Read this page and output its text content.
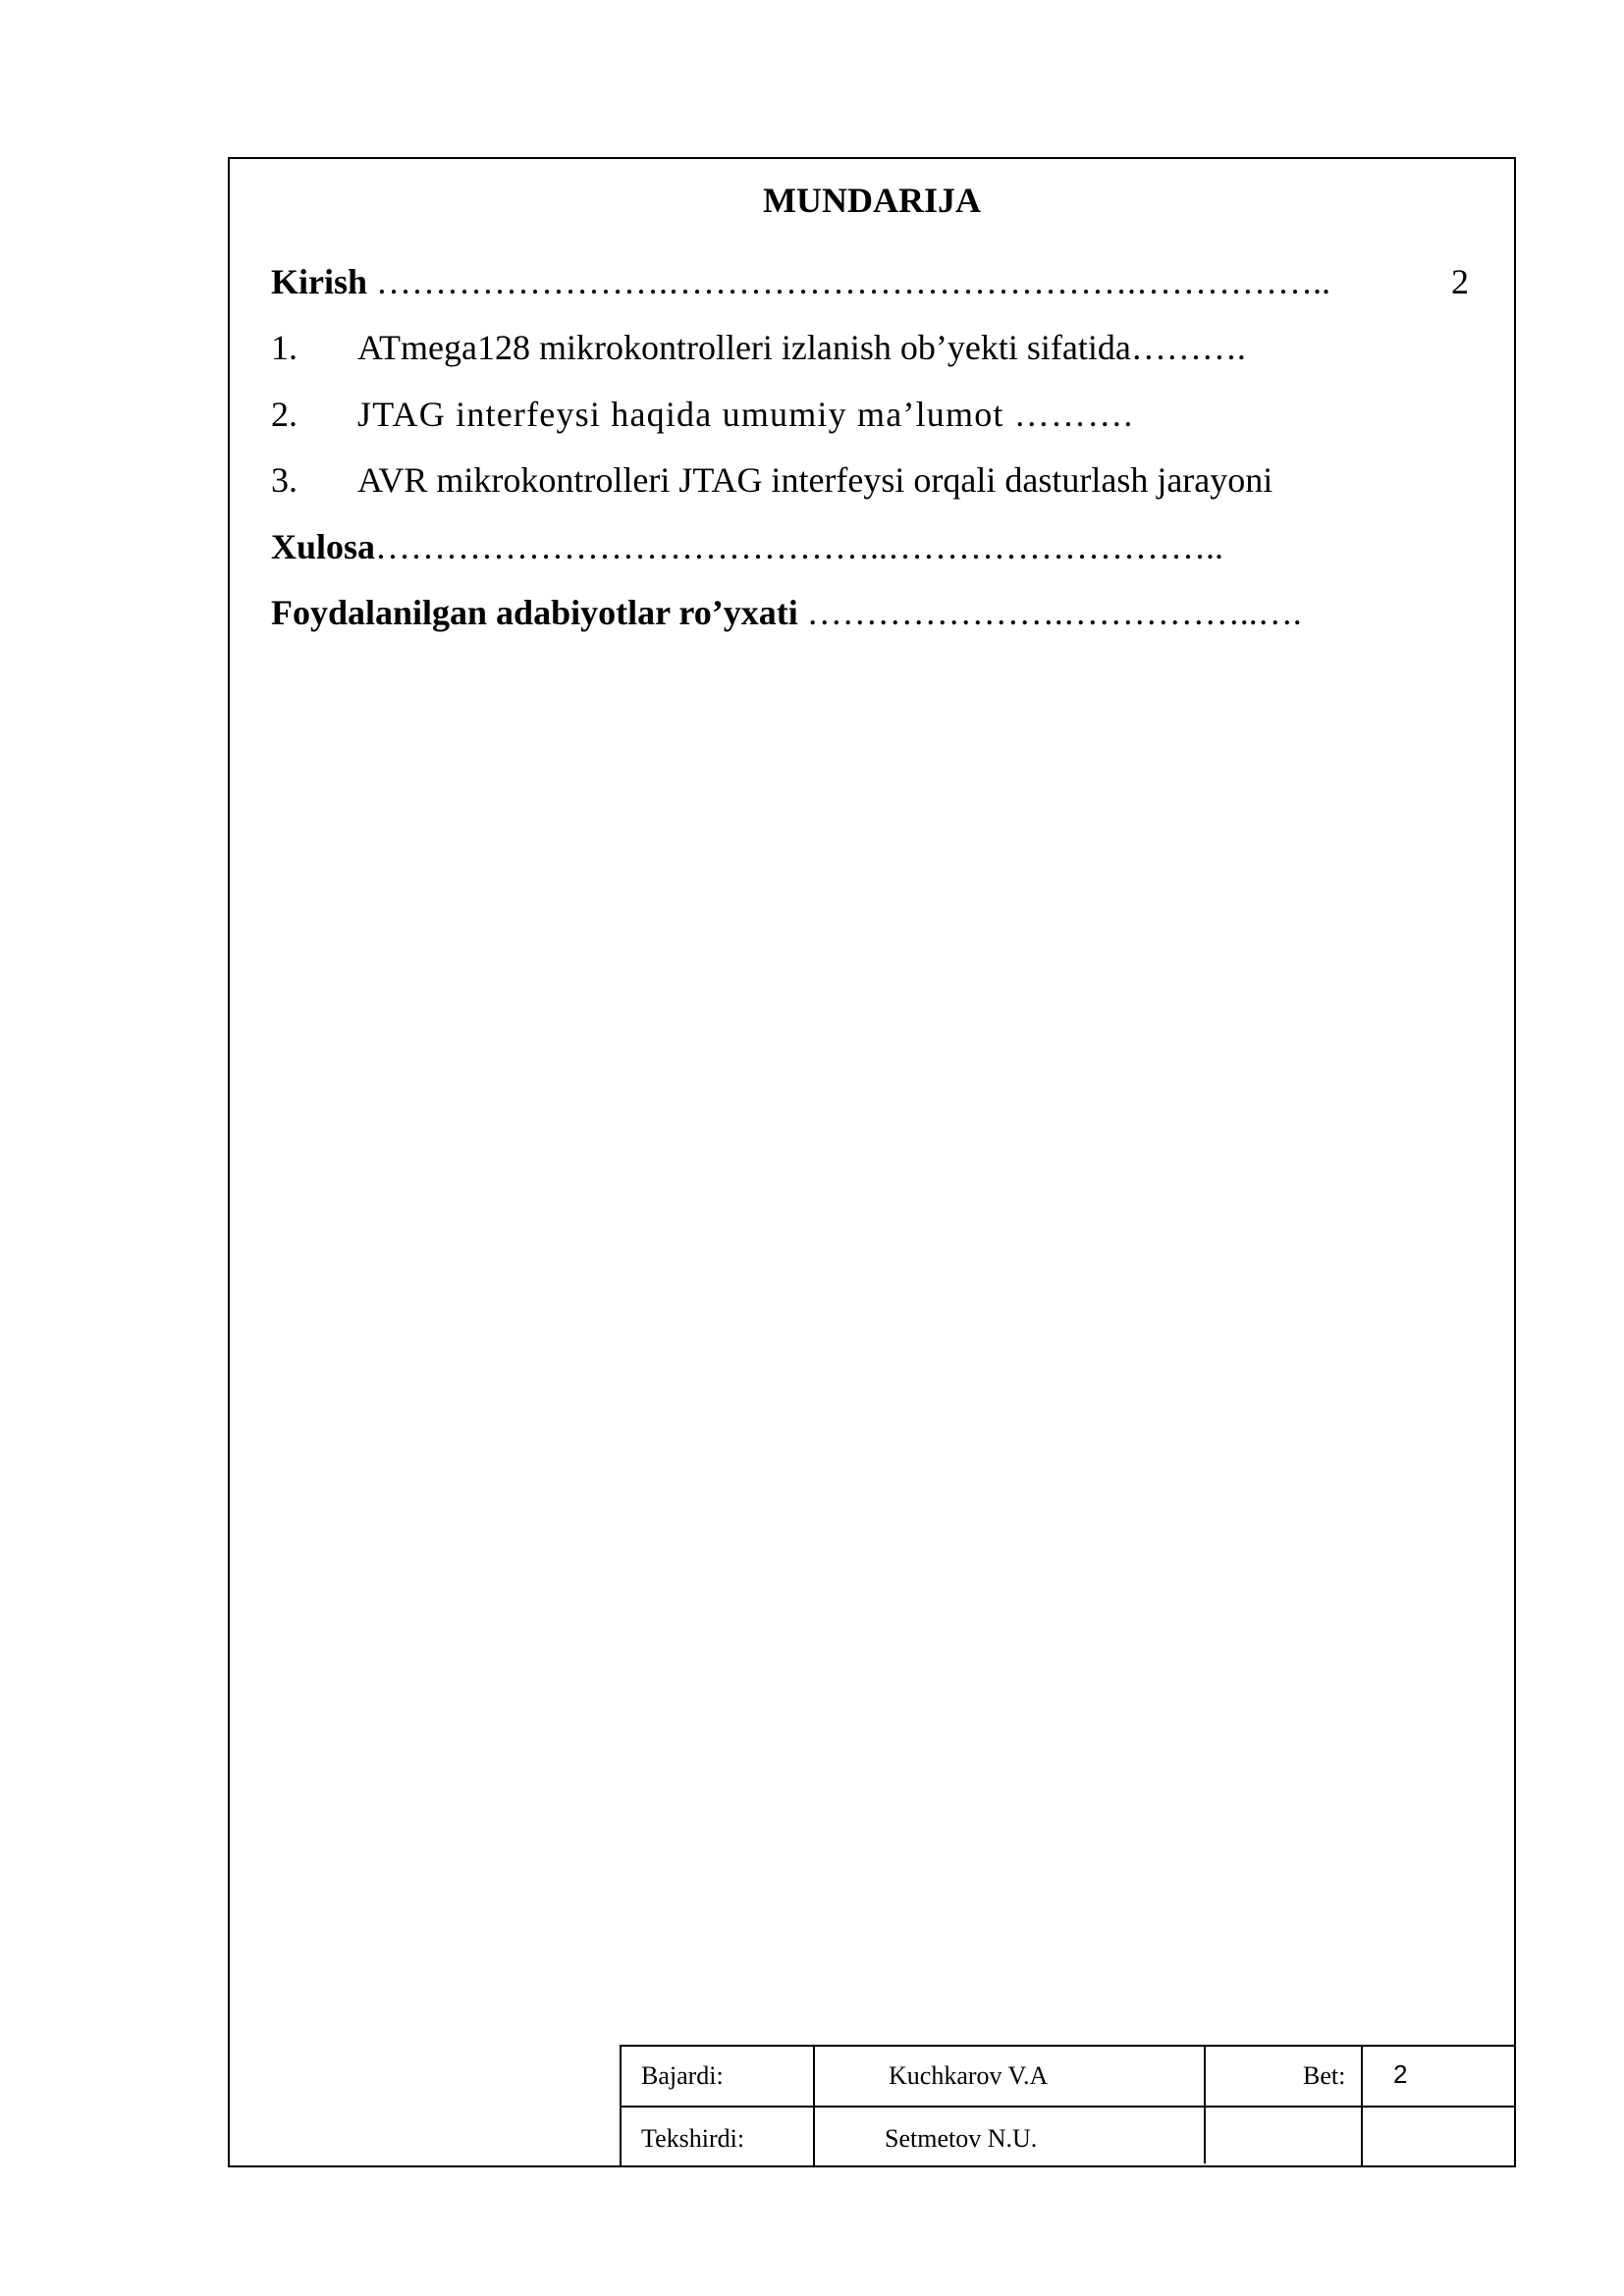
MUNDARIJA
Kirish …………………….………………………………….……………..	2
1. ATmega128 mikrokontrolleri izlanish ob’yekti sifatida……….
2. JTAG interfeysi haqida umumiy ma’lumot ……….
3. AVR mikrokontrolleri JTAG interfeysi orqali dasturlash jarayoni
Xulosa……………………………………..………………………..
Foydalanilgan adabiyotlar ro’yxati ………………….……………..….
Bajardi:	Kuchkarov V.A	Bet: 2
Tekshirdi:	Setmetov N.U.
